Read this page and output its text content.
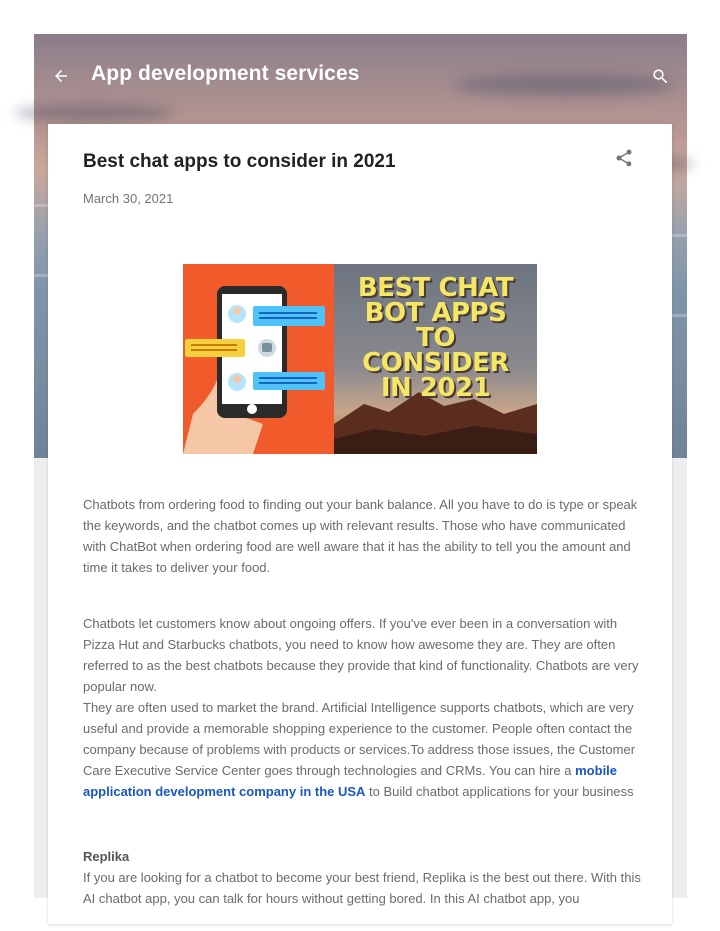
App development services
Best chat apps to consider in 2021
March 30, 2021
BEST CHAT
BOT APPS
TO
CONSIDER
IN 2021

Chatbots from ordering food to finding out your bank balance. All you have to do is type or speak the keywords, and the chatbot comes up with relevant results. Those who have communicated with ChatBot when ordering food are well aware that it has the ability to tell you the amount and time it takes to deliver your food.

Chatbots let customers know about ongoing offers. If you've ever been in a conversation with Pizza Hut and Starbucks chatbots, you need to know how awesome they are. They are often referred to as the best chatbots because they provide that kind of functionality. Chatbots are very popular now.

They are often used to market the brand. Artificial Intelligence supports chatbots, which are very useful and provide a memorable shopping experience to the customer. People often contact the company because of problems with products or services.To address those issues, the Customer Care Executive Service Center goes through technologies and CRMs. You can hire a mobile application development company in the USA to Build chatbot applications for your business

Replika

If you are looking for a chatbot to become your best friend, Replika is the best out there. With this AI chatbot app, you can talk for hours without getting bored. In this AI chatbot app, you
